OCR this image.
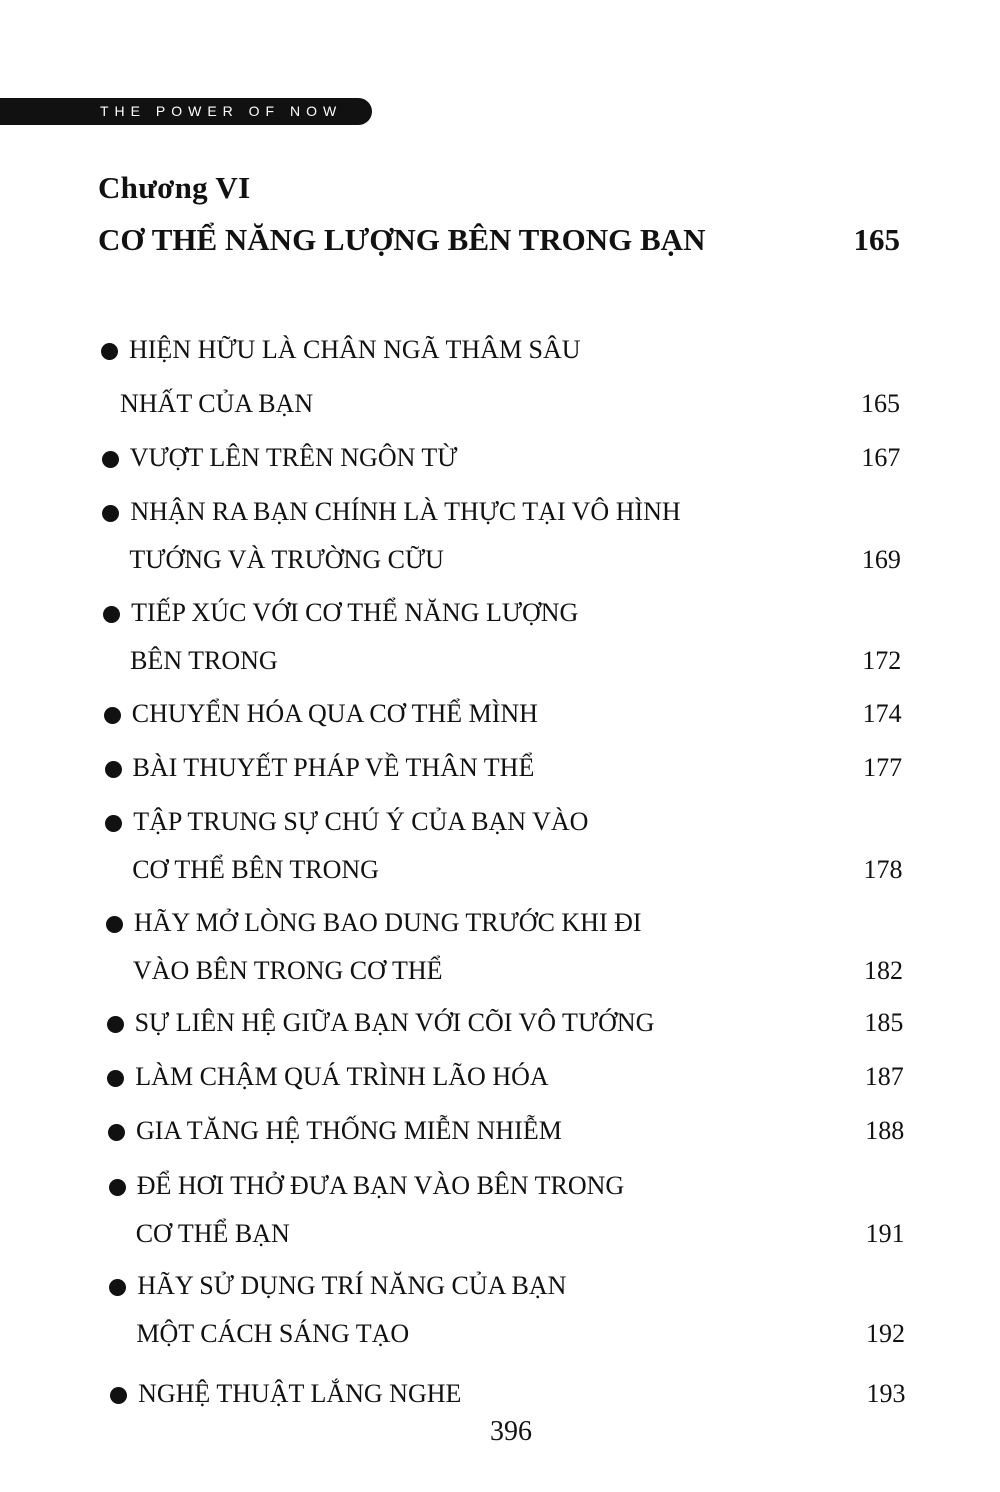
THE POWER OF NOW
Chương VI
CƠ THỂ NĂNG LƯỢNG BÊN TRONG BẠN	165
HIỆN HỮU LÀ CHÂN NGÃ THÂM SÂU
NHẤT CỦA BẠN	165
VƯỢT LÊN TRÊN NGÔN TỪ	167
NHẬN RA BẠN CHÍNH LÀ THỰC TẠI VÔ HÌNH
TƯỚNG VÀ TRƯỜNG CỮU	169
TIẾP XÚC VỚI CƠ THỂ NĂNG LƯỢNG
BÊN TRONG	172
CHUYỂN HÓA QUA CƠ THỂ MÌNH	174
BÀI THUYẾT PHÁP VỀ THÂN THỂ	177
TẬP TRUNG SỰ CHÚ Ý CỦA BẠN VÀO
CƠ THỂ BÊN TRONG	178
HÃY MỞ LÒNG BAO DUNG TRƯỚC KHI ĐI
VÀO BÊN TRONG CƠ THỂ	182
SỰ LIÊN HỆ GIỮA BẠN VỚI CÕI VÔ TƯỚNG	185
LÀM CHẬM QUÁ TRÌNH LÃO HÓA	187
GIA TĂNG HỆ THỐNG MIỄN NHIỄM	188
ĐỂ HƠI THỞ ĐƯA BẠN VÀO BÊN TRONG
CƠ THỂ BẠN	191
HÃY SỬ DỤNG TRÍ NĂNG CỦA BẠN
MỘT CÁCH SÁNG TẠO	192
NGHỆ THUẬT LẮNG NGHE	193
396
